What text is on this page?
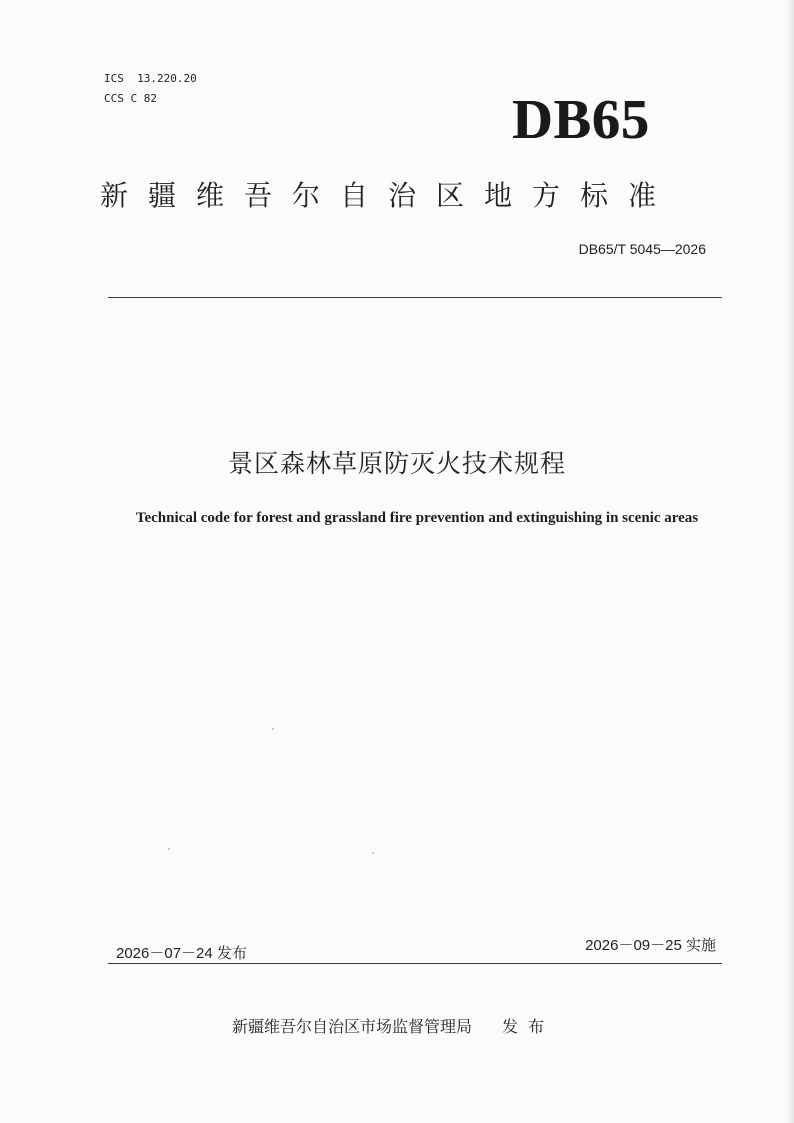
ICS  13.220.20
CCS C 82	DB65
新疆维吾尔自治区地方标准
DB65/T 5045—2026
景区森林草原防灭火技术规程
Technical code for forest and grassland fire prevention and extinguishing in scenic areas
2026－07－24 发布	2026－09－25 实施
新疆维吾尔自治区市场监督管理局 发布
